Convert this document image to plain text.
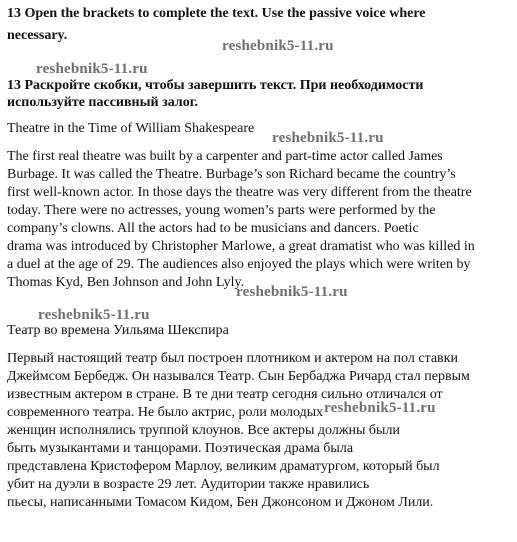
13 Open the brackets to complete the text. Use the passive voice where
necessary.
reshebnik5-11.ru
reshebnik5-11.ru
13 Раскройте скобки, чтобы завершить текст. При необходимости
используйте пассивный залог.
Theatre in the Time of William Shakespeare
reshebnik5-11.ru
The first real theatre was built by a carpenter and part-time actor called James
Burbage. It was called the Theatre. Burbage’s son Richard became the country’s
first well-known actor. In those days the theatre was very different from the theatre
today. There were no actresses, young women’s parts were performed by the
company’s clowns. All the actors had to be musicians and dancers. Poetic
drama was introduced by Christopher Marlowe, a great dramatist who was killed in
a duel at the age of 29. The audiences also enjoyed the plays which were writen by
Thomas Kyd, Ben Johnson and John Lyly.
reshebnik5-11.ru
reshebnik5-11.ru
Театр во времена Уильяма Шекспира
Первый настоящий театр был построен плотником и актером на пол ставки
Джеймсом Бербедж. Он назывался Театр. Сын Бербаджа Ричард стал первым
известным актером в стране. В те дни театр сегодня сильно отличался от
современного театра. Не было актрис, роли молодых reshebnik5-11.ru
женщин исполнялись труппой клоунов. Все актеры должны были
быть музыкантами и танцорами. Поэтическая драма была
представлена Кристофером Марлоу, великим драматургом, который был
убит на дуэли в возрасте 29 лет. Аудитории также нравились
пьесы, написанными Томасом Кидом, Бен Джонсоном и Джоном Лили.
